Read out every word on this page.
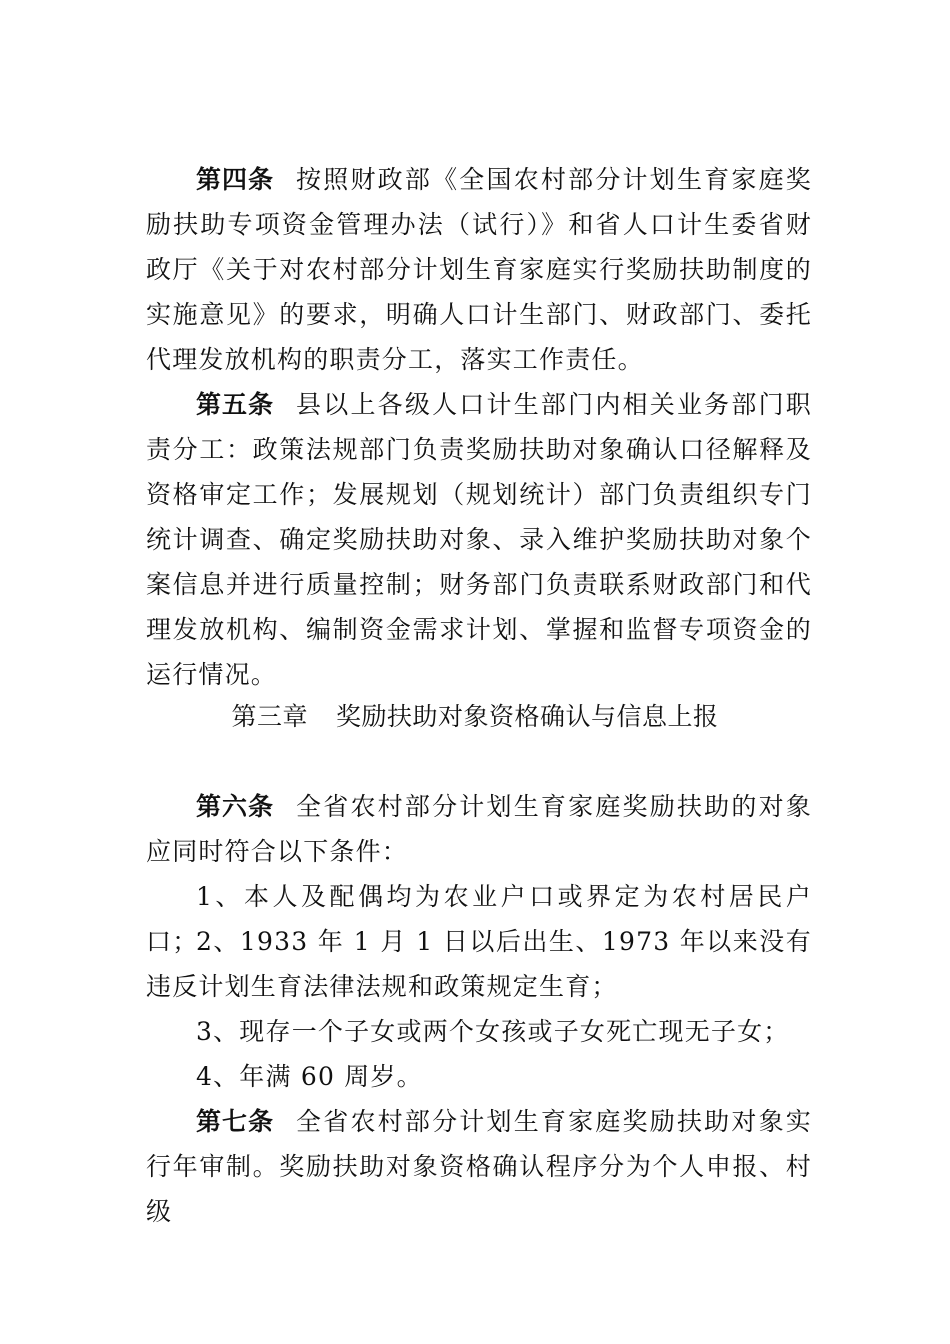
第四条 按照财政部《全国农村部分计划生育家庭奖励扶助专项资金管理办法（试行）》和省人口计生委省财政厅《关于对农村部分计划生育家庭实行奖励扶助制度的实施意见》的要求，明确人口计生部门、财政部门、委托代理发放机构的职责分工，落实工作责任。

第五条 县以上各级人口计生部门内相关业务部门职责分工：政策法规部门负责奖励扶助对象确认口径解释及资格审定工作；发展规划（规划统计）部门负责组织专门统计调查、确定奖励扶助对象、录入维护奖励扶助对象个案信息并进行质量控制；财务部门负责联系财政部门和代理发放机构、编制资金需求计划、掌握和监督专项资金的运行情况。

第三章 奖励扶助对象资格确认与信息上报

第六条 全省农村部分计划生育家庭奖励扶助的对象应同时符合以下条件：

1、本人及配偶均为农业户口或界定为农村居民户口；

2、1933 年 1 月 1 日以后出生、1973 年以来没有违反计划生育法律法规和政策规定生育；

3、现存一个子女或两个女孩或子女死亡现无子女；

4、年满 60 周岁。

第七条 全省农村部分计划生育家庭奖励扶助对象实行年审制。奖励扶助对象资格确认程序分为个人申报、村级
